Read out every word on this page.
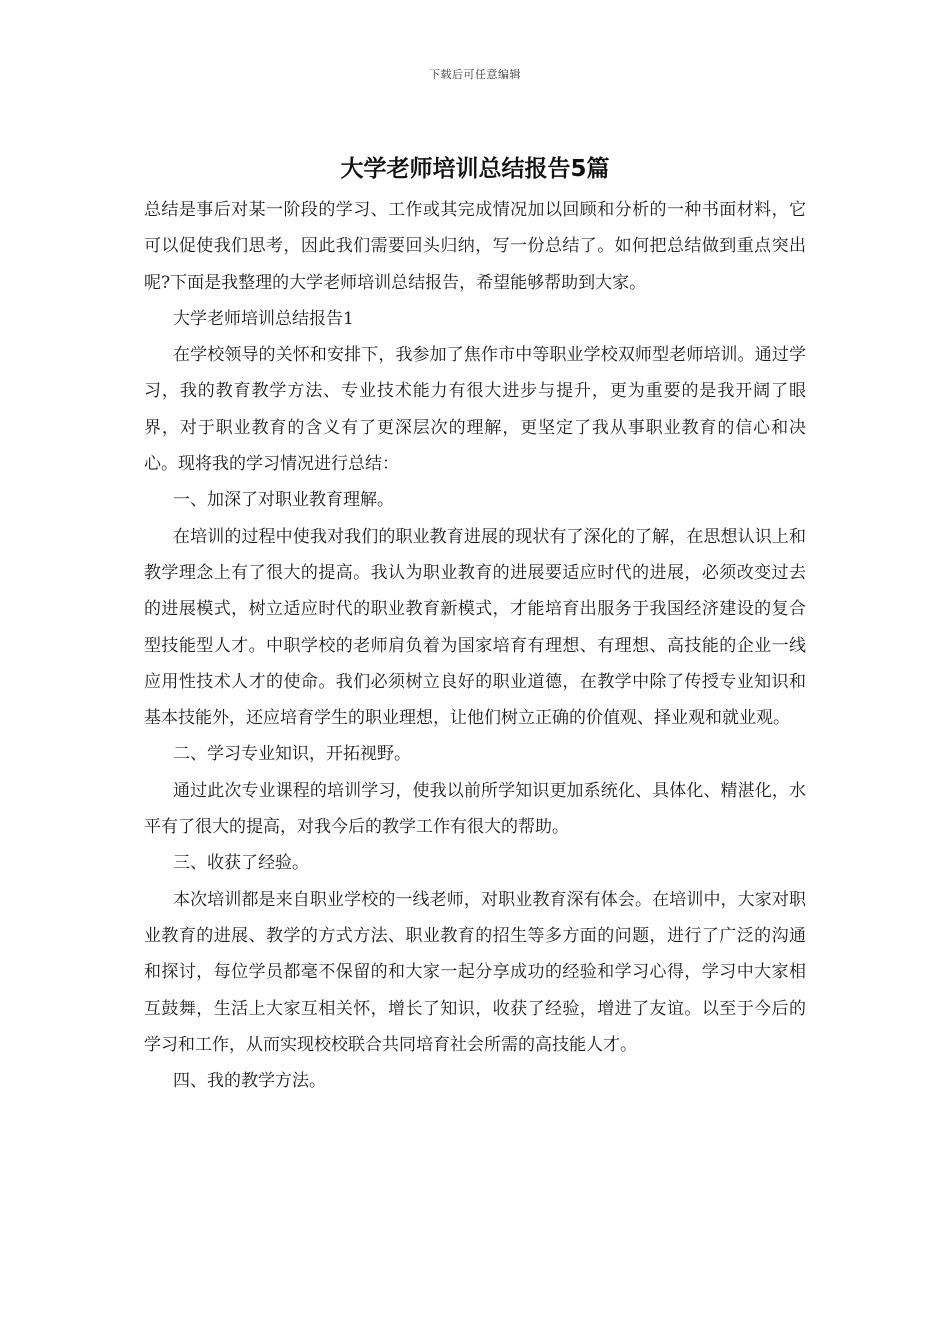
下载后可任意编辑
大学老师培训总结报告5篇

总结是事后对某一阶段的学习、工作或其完成情况加以回顾和分析的一种书面材料，它可以促使我们思考，因此我们需要回头归纳，写一份总结了。如何把总结做到重点突出呢?下面是我整理的大学老师培训总结报告，希望能够帮助到大家。

大学老师培训总结报告1

在学校领导的关怀和安排下，我参加了焦作市中等职业学校双师型老师培训。通过学习，我的教育教学方法、专业技术能力有很大进步与提升，更为重要的是我开阔了眼界，对于职业教育的含义有了更深层次的理解，更坚定了我从事职业教育的信心和决心。现将我的学习情况进行总结：

一、加深了对职业教育理解。

在培训的过程中使我对我们的职业教育进展的现状有了深化的了解，在思想认识上和教学理念上有了很大的提高。我认为职业教育的进展要适应时代的进展，必须改变过去的进展模式，树立适应时代的职业教育新模式，才能培育出服务于我国经济建设的复合型技能型人才。中职学校的老师肩负着为国家培育有理想、有理想、高技能的企业一线应用性技术人才的使命。我们必须树立良好的职业道德，在教学中除了传授专业知识和基本技能外，还应培育学生的职业理想，让他们树立正确的价值观、择业观和就业观。

二、学习专业知识，开拓视野。

通过此次专业课程的培训学习，使我以前所学知识更加系统化、具体化、精湛化，水平有了很大的提高，对我今后的教学工作有很大的帮助。

三、收获了经验。

本次培训都是来自职业学校的一线老师，对职业教育深有体会。在培训中，大家对职业教育的进展、教学的方式方法、职业教育的招生等多方面的问题，进行了广泛的沟通和探讨，每位学员都毫不保留的和大家一起分享成功的经验和学习心得，学习中大家相互鼓舞，生活上大家互相关怀，增长了知识，收获了经验，增进了友谊。以至于今后的学习和工作，从而实现校校联合共同培育社会所需的高技能人才。

四、我的教学方法。
